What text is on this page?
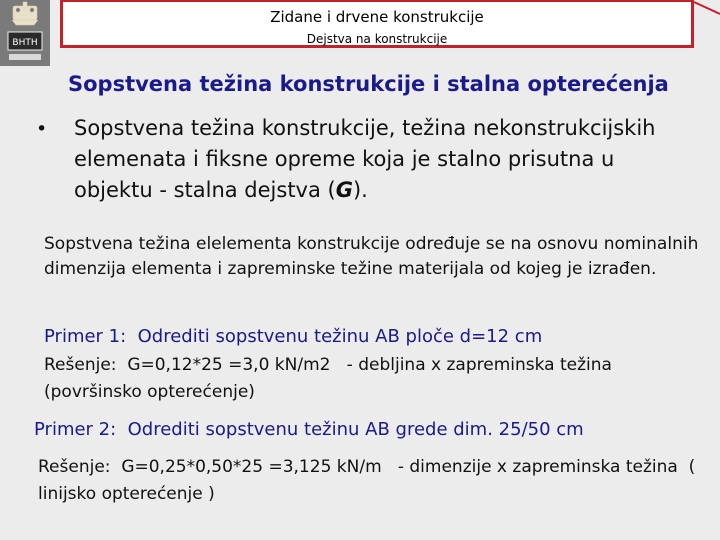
BHTH
Zidane i drvene konstrukcije
Dejstva na konstrukcije
Sopstvena težina konstrukcije i stalna opterećenja
• Sopstvena težina konstrukcije, težina nekonstrukcijskih elemenata i fiksne opreme koja je stalno prisutna u objektu - stalna dejstva (G).
Sopstvena težina elelementa konstrukcije određuje se na osnovu nominalnih dimenzija elementa i zapreminske težine materijala od kojeg je izrađen.
Primer 1:  Odrediti sopstvenu težinu AB ploče d=12 cm
Rešenje:  G=0,12*25 =3,0 kN/m2   - debljina x zapreminska težina (površinsko opterećenje)
Primer 2:  Odrediti sopstvenu težinu AB grede dim. 25/50 cm
Rešenje:  G=0,25*0,50*25 =3,125 kN/m   - dimenzije x zapreminska težina  ( linijsko opterećenje )
